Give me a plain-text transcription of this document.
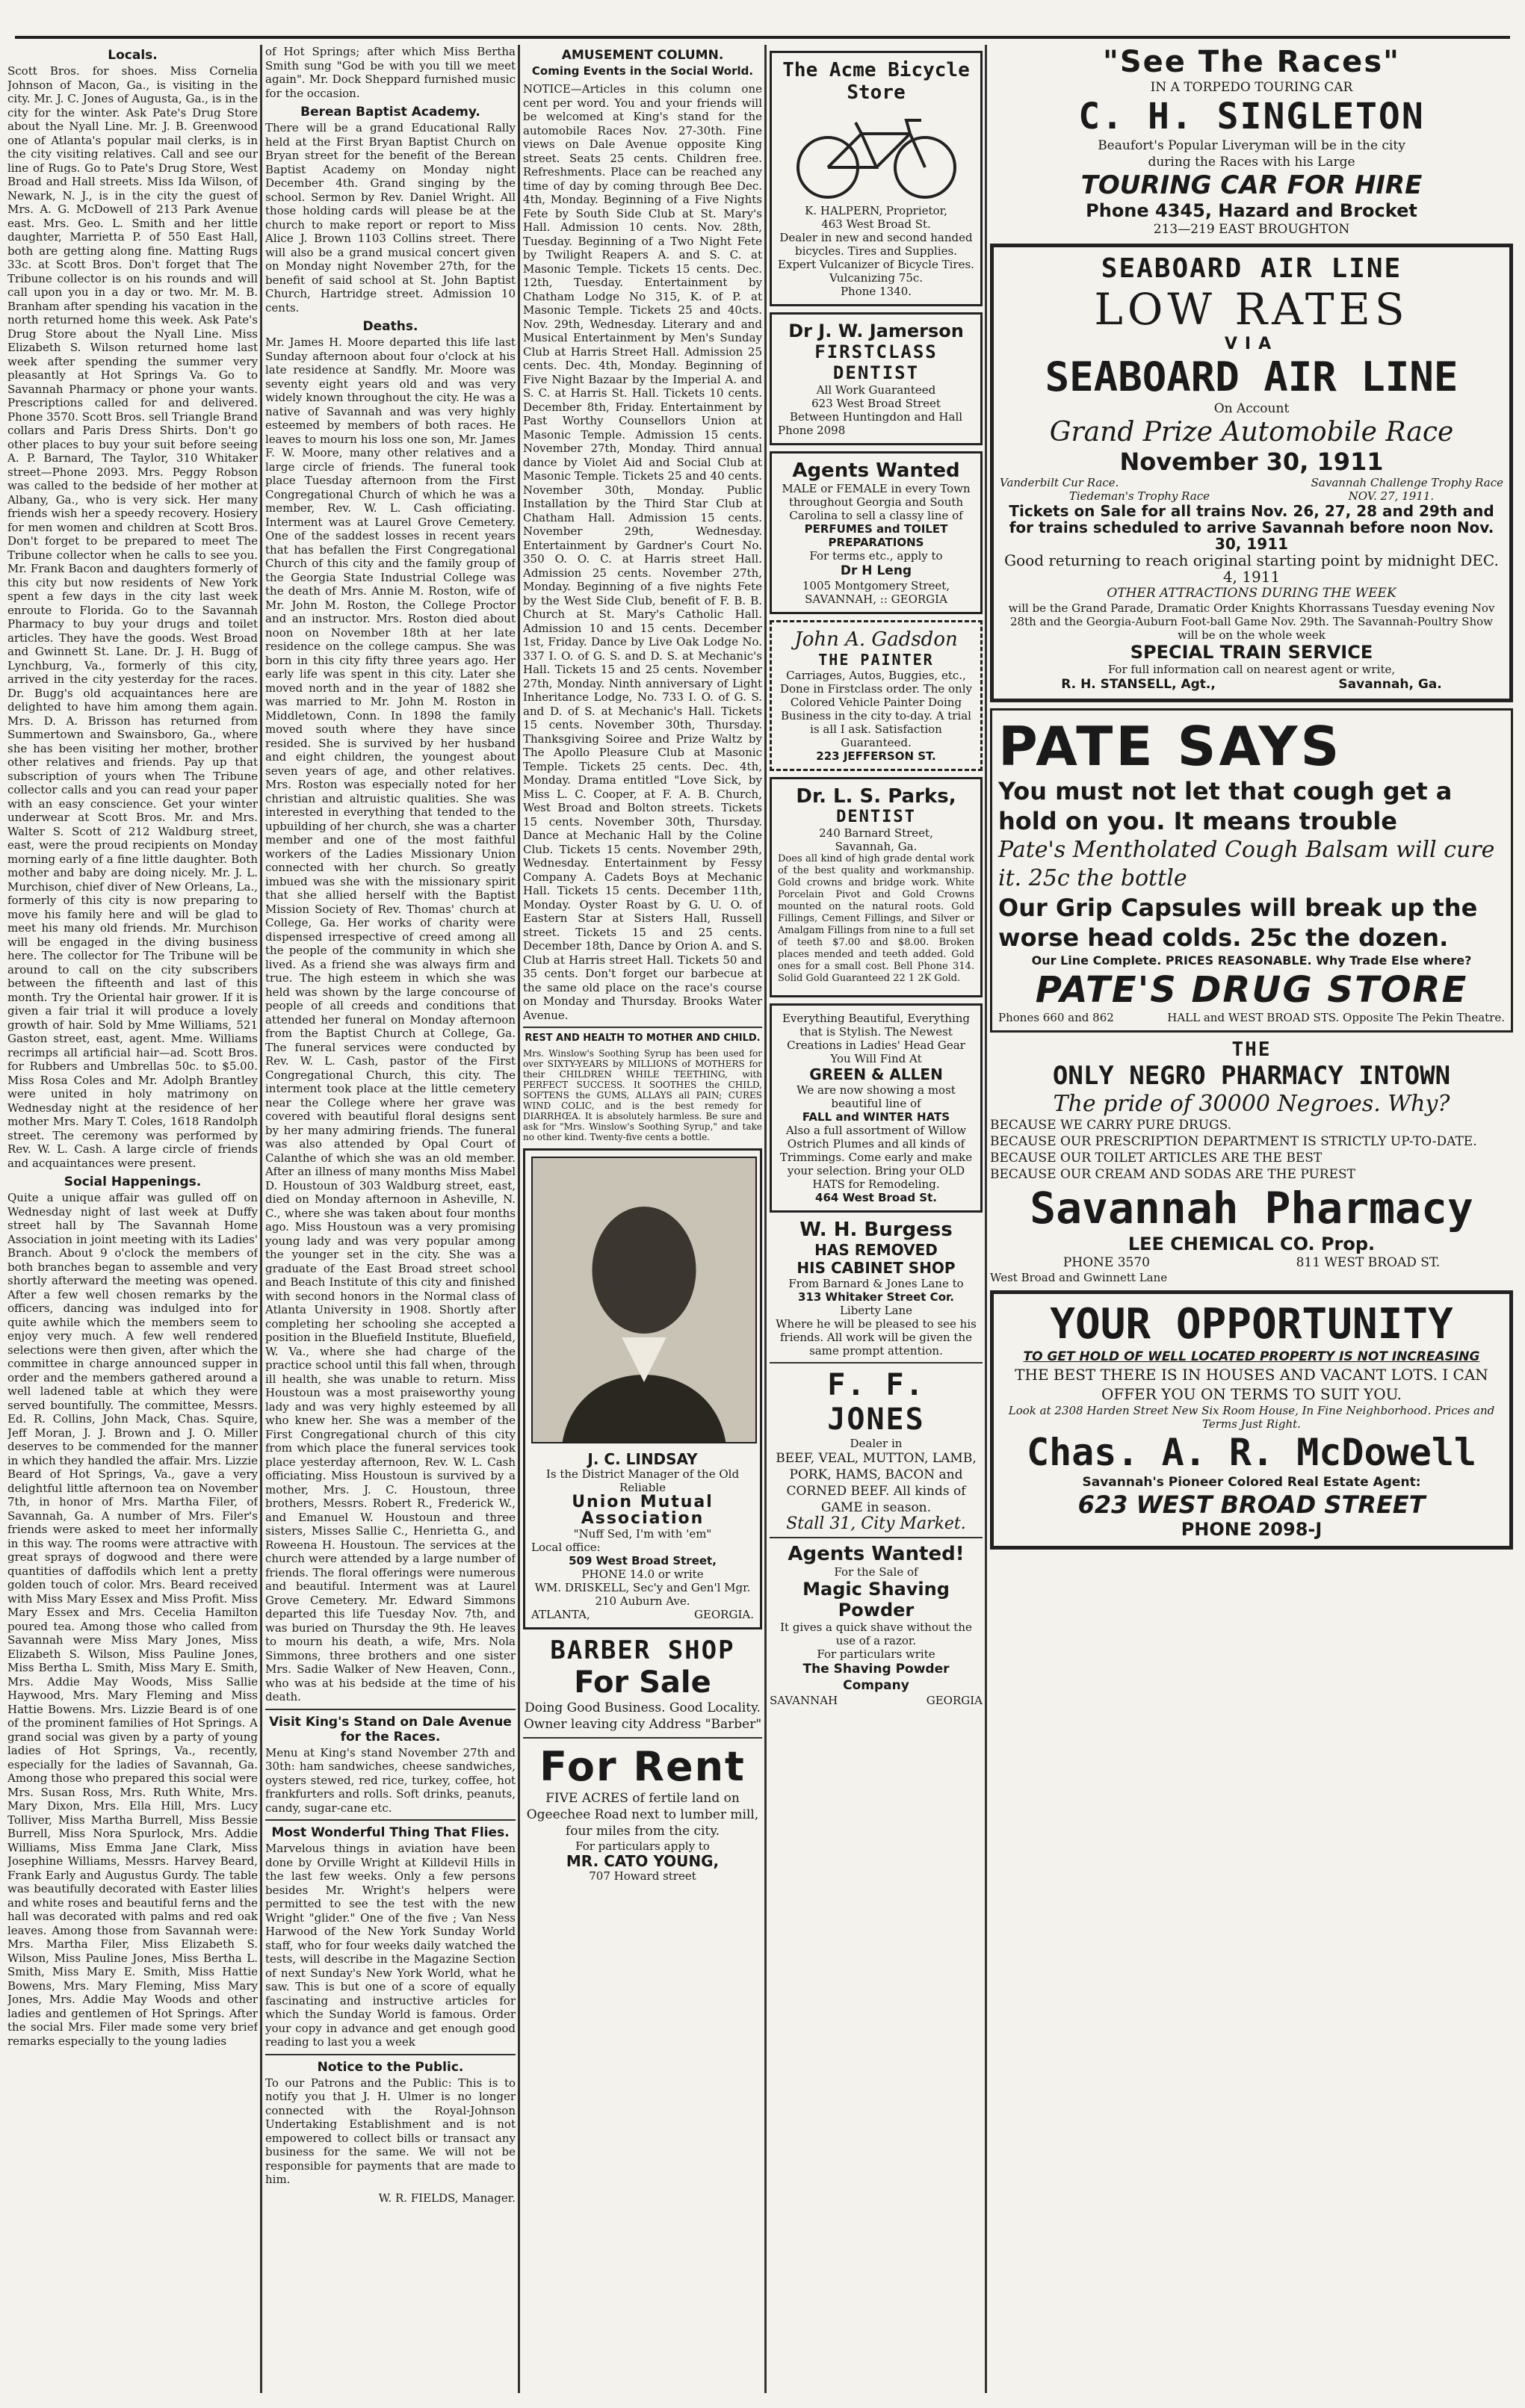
Locals.

Scott Bros. for shoes. Miss Cornelia Johnson of Macon, Ga., is visiting in the city. Mr. J. C. Jones of Augusta, Ga., is in the city for the winter. Ask Pate's Drug Store about the Nyall Line. Mr. J. B. Greenwood one of Atlanta's popular mail clerks, is in the city visiting relatives. Call and see our line of Rugs. Go to Pate's Drug Store, West Broad and Hall streets. Miss Ida Wilson, of Newark, N. J., is in the city the guest of Mrs. A. G. McDowell of 213 Park Avenue east. Mrs. Geo. L. Smith and her little daughter, Marrietta P. of 550 East Hall, both are getting along fine. Matting Rugs 33c. at Scott Bros. Don't forget that The Tribune collector is on his rounds and will call upon you in a day or two. Mr. M. B. Branham after spending his vacation in the north returned home this week. Ask Pate's Drug Store about the Nyall Line. Miss Elizabeth S. Wilson returned home last week after spending the summer very pleasantly at Hot Springs Va. Go to Savannah Pharmacy or phone your wants. Prescriptions called for and delivered. Phone 3570. Scott Bros. sell Triangle Brand collars and Paris Dress Shirts. Don't go other places to buy your suit before seeing A. P. Barnard, The Taylor, 310 Whitaker street—Phone 2093. Mrs. Peggy Robson was called to the bedside of her mother at Albany, Ga., who is very sick. Her many friends wish her a speedy recovery. Hosiery for men women and children at Scott Bros. Don't forget to be prepared to meet The Tribune collector when he calls to see you. Mr. Frank Bacon and daughters formerly of this city but now residents of New York spent a few days in the city last week enroute to Florida. Go to the Savannah Pharmacy to buy your drugs and toilet articles. They have the goods. West Broad and Gwinnett St. Lane. Dr. J. H. Bugg of Lynchburg, Va., formerly of this city, arrived in the city yesterday for the races. Dr. Bugg's old acquaintances here are delighted to have him among them again. Mrs. D. A. Brisson has returned from Summertown and Swainsboro, Ga., where she has been visiting her mother, brother other relatives and friends. Pay up that subscription of yours when The Tribune collector calls and you can read your paper with an easy conscience. Get your winter underwear at Scott Bros. Mr. and Mrs. Walter S. Scott of 212 Waldburg street, east, were the proud recipients on Monday morning early of a fine little daughter. Both mother and baby are doing nicely. Mr. J. L. Murchison, chief diver of New Orleans, La., formerly of this city is now preparing to move his family here and will be glad to meet his many old friends. Mr. Murchison will be engaged in the diving business here. The collector for The Tribune will be around to call on the city subscribers between the fifteenth and last of this month. Try the Oriental hair grower. If it is given a fair trial it will produce a lovely growth of hair. Sold by Mme Williams, 521 Gaston street, east, agent. Mme. Williams recrimps all artificial hair—ad. Scott Bros. for Rubbers and Umbrellas 50c. to $5.00. Miss Rosa Coles and Mr. Adolph Brantley were united in holy matrimony on Wednesday night at the residence of her mother Mrs. Mary T. Coles, 1618 Randolph street. The ceremony was performed by Rev. W. L. Cash. A large circle of friends and acquaintances were present.

Social Happenings.

Quite a unique affair was gulled off on Wednesday night of last week at Duffy street hall by The Savannah Home Association in joint meeting with its Ladies' Branch. About 9 o'clock the members of both branches began to assemble and very shortly afterward the meeting was opened. After a few well chosen remarks by the officers, dancing was indulged into for quite awhile which the members seem to enjoy very much. A few well rendered selections were then given, after which the committee in charge announced supper in order and the members gathered around a well ladened table at which they were served bountifully. The committee, Messrs. Ed. R. Collins, John Mack, Chas. Squire, Jeff Moran, J. J. Brown and J. O. Miller deserves to be commended for the manner in which they handled the affair. Mrs. Lizzie Beard of Hot Springs, Va., gave a very delightful little afternoon tea on November 7th, in honor of Mrs. Martha Filer, of Savannah, Ga. A number of Mrs. Filer's friends were asked to meet her informally in this way. The rooms were attractive with great sprays of dogwood and there were quantities of daffodils which lent a pretty golden touch of color. Mrs. Beard received with Miss Mary Essex and Miss Profit. Miss Mary Essex and Mrs. Cecelia Hamilton poured tea. Among those who called from Savannah were Miss Mary Jones, Miss Elizabeth S. Wilson, Miss Pauline Jones, Miss Bertha L. Smith, Miss Mary E. Smith, Mrs. Addie May Woods, Miss Sallie Haywood, Mrs. Mary Fleming and Miss Hattie Bowens. Mrs. Lizzie Beard is of one of the prominent families of Hot Springs. A grand social was given by a party of young ladies of Hot Springs, Va., recently, especially for the ladies of Savannah, Ga. Among those who prepared this social were Mrs. Susan Ross, Mrs. Ruth White, Mrs. Mary Dixon, Mrs. Ella Hill, Mrs. Lucy Tolliver, Miss Martha Burrell, Miss Bessie Burrell, Miss Nora Spurlock, Mrs. Addie Williams, Miss Emma Jane Clark, Miss Josephine Williams, Messrs. Harvey Beard, Frank Early and Augustus Gurdy. The table was beautifully decorated with Easter lilies and white roses and beautiful ferns and the hall was decorated with palms and red oak leaves. Among those from Savannah were: Mrs. Martha Filer, Miss Elizabeth S. Wilson, Miss Pauline Jones, Miss Bertha L. Smith, Miss Mary E. Smith, Miss Hattie Bowens, Mrs. Mary Fleming, Miss Mary Jones, Mrs. Addie May Woods and other ladies and gentlemen of Hot Springs. After the social Mrs. Filer made some very brief remarks especially to the young ladies

of Hot Springs; after which Miss Bertha Smith sung "God be with you till we meet again". Mr. Dock Sheppard furnished music for the occasion.

Berean Baptist Academy.

There will be a grand Educational Rally held at the First Bryan Baptist Church on Bryan street for the benefit of the Berean Baptist Academy on Monday night December 4th. Grand singing by the school. Sermon by Rev. Daniel Wright. All those holding cards will please be at the church to make report or report to Miss Alice J. Brown 1103 Collins street. There will also be a grand musical concert given on Monday night November 27th, for the benefit of said school at St. John Baptist Church, Hartridge street. Admission 10 cents.

Deaths.

Mr. James H. Moore departed this life last Sunday afternoon about four o'clock at his late residence at Sandfly. Mr. Moore was seventy eight years old and was very widely known throughout the city. He was a native of Savannah and was very highly esteemed by members of both races. He leaves to mourn his loss one son, Mr. James F. W. Moore, many other relatives and a large circle of friends. The funeral took place Tuesday afternoon from the First Congregational Church of which he was a member, Rev. W. L. Cash officiating. Interment was at Laurel Grove Cemetery. One of the saddest losses in recent years that has befallen the First Congregational Church of this city and the family group of the Georgia State Industrial College was the death of Mrs. Annie M. Roston, wife of Mr. John M. Roston, the College Proctor and an instructor. Mrs. Roston died about noon on November 18th at her late residence on the college campus. She was born in this city fifty three years ago. Her early life was spent in this city. Later she moved north and in the year of 1882 she was married to Mr. John M. Roston in Middletown, Conn. In 1898 the family moved south where they have since resided. She is survived by her husband and eight children, the youngest about seven years of age, and other relatives. Mrs. Roston was especially noted for her christian and altruistic qualities. She was interested in everything that tended to the upbuilding of her church, she was a charter member and one of the most faithful workers of the Ladies Missionary Union connected with her church. So greatly imbued was she with the missionary spirit that she allied herself with the Baptist Mission Society of Rev. Thomas' church at College, Ga. Her works of charity were dispensed irrespective of creed among all the people of the community in which she lived. As a friend she was always firm and true. The high esteem in which she was held was shown by the large concourse of people of all creeds and conditions that attended her funeral on Monday afternoon from the Baptist Church at College, Ga. The funeral services were conducted by Rev. W. L. Cash, pastor of the First Congregational Church, this city. The interment took place at the little cemetery near the College where her grave was covered with beautiful floral designs sent by her many admiring friends. The funeral was also attended by Opal Court of Calanthe of which she was an old member. After an illness of many months Miss Mabel D. Houstoun of 303 Waldburg street, east, died on Monday afternoon in Asheville, N. C., where she was taken about four months ago. Miss Houstoun was a very promising young lady and was very popular among the younger set in the city. She was a graduate of the East Broad street school and Beach Institute of this city and finished with second honors in the Normal class of Atlanta University in 1908. Shortly after completing her schooling she accepted a position in the Bluefield Institute, Bluefield, W. Va., where she had charge of the practice school until this fall when, through ill health, she was unable to return. Miss Houstoun was a most praiseworthy young lady and was very highly esteemed by all who knew her. She was a member of the First Congregational church of this city from which place the funeral services took place yesterday afternoon, Rev. W. L. Cash officiating. Miss Houstoun is survived by a mother, Mrs. J. C. Houstoun, three brothers, Messrs. Robert R., Frederick W., and Emanuel W. Houstoun and three sisters, Misses Sallie C., Henrietta G., and Roweena H. Houstoun. The services at the church were attended by a large number of friends. The floral offerings were numerous and beautiful. Interment was at Laurel Grove Cemetery. Mr. Edward Simmons departed this life Tuesday Nov. 7th, and was buried on Thursday the 9th. He leaves to mourn his death, a wife, Mrs. Nola Simmons, three brothers and one sister Mrs. Sadie Walker of New Heaven, Conn., who was at his bedside at the time of his death.

Visit King's Stand on Dale Avenue for the Races.

Menu at King's stand November 27th and 30th: ham sandwiches, cheese sandwiches, oysters stewed, red rice, turkey, coffee, hot frankfurters and rolls. Soft drinks, peanuts, candy, sugar-cane etc.

Most Wonderful Thing That Flies.

Marvelous things in aviation have been done by Orville Wright at Killdevil Hills in the last few weeks. Only a few persons besides Mr. Wright's helpers were permitted to see the test with the new Wright "glider." One of the five ; Van Ness Harwood of the New York Sunday World staff, who for four weeks daily watched the tests, will describe in the Magazine Section of next Sunday's New York World, what he saw. This is but one of a score of equally fascinating and instructive articles for which the Sunday World is famous. Order your copy in advance and get enough good reading to last you a week

Notice to the Public.

To our Patrons and the Public: This is to notify you that J. H. Ulmer is no longer connected with the Royal-Johnson Undertaking Establishment and is not empowered to collect bills or transact any business for the same. We will not be responsible for payments that are made to him.

W. R. FIELDS, Manager.

AMUSEMENT COLUMN.
Coming Events in the Social World.

NOTICE—Articles in this column one cent per word. You and your friends will be welcomed at King's stand for the automobile Races Nov. 27-30th. Fine views on Dale Avenue opposite King street. Seats 25 cents. Children free. Refreshments. Place can be reached any time of day by coming through Bee Dec. 4th, Monday. Beginning of a Five Nights Fete by South Side Club at St. Mary's Hall. Admission 10 cents. Nov. 28th, Tuesday. Beginning of a Two Night Fete by Twilight Reapers A. and S. C. at Masonic Temple. Tickets 15 cents. Dec. 12th, Tuesday. Entertainment by Chatham Lodge No 315, K. of P. at Masonic Temple. Tickets 25 and 40cts. Nov. 29th, Wednesday. Literary and and Musical Entertainment by Men's Sunday Club at Harris Street Hall. Admission 25 cents. Dec. 4th, Monday. Beginning of Five Night Bazaar by the Imperial A. and S. C. at Harris St. Hall. Tickets 10 cents. December 8th, Friday. Entertainment by Past Worthy Counsellors Union at Masonic Temple. Admission 15 cents. November 27th, Monday. Third annual dance by Violet Aid and Social Club at Masonic Temple. Tickets 25 and 40 cents. November 30th, Monday. Public Installation by the Third Star Club at Chatham Hall. Admission 15 cents. November 29th, Wednesday. Entertainment by Gardner's Court No. 350 O. O. C. at Harris street Hall. Admission 25 cents. November 27th, Monday. Beginning of a five nights Fete by the West Side Club, benefit of F. B. B. Church at St. Mary's Catholic Hall. Admission 10 and 15 cents. December 1st, Friday. Dance by Live Oak Lodge No. 337 I. O. of G. S. and D. S. at Mechanic's Hall. Tickets 15 and 25 cents. November 27th, Monday. Ninth anniversary of Light Inheritance Lodge, No. 733 I. O. of G. S. and D. of S. at Mechanic's Hall. Tickets 15 cents. November 30th, Thursday. Thanksgiving Soiree and Prize Waltz by The Apollo Pleasure Club at Masonic Temple. Tickets 25 cents. Dec. 4th, Monday. Drama entitled "Love Sick, by Miss L. C. Cooper, at F. A. B. Church, West Broad and Bolton streets. Tickets 15 cents. November 30th, Thursday. Dance at Mechanic Hall by the Coline Club. Tickets 15 cents. November 29th, Wednesday. Entertainment by Fessy Company A. Cadets Boys at Mechanic Hall. Tickets 15 cents. December 11th, Monday. Oyster Roast by G. U. O. of Eastern Star at Sisters Hall, Russell street. Tickets 15 and 25 cents. December 18th, Dance by Orion A. and S. Club at Harris street Hall. Tickets 50 and 35 cents. Don't forget our barbecue at the same old place on the race's course on Monday and Thursday. Brooks Water Avenue.

REST AND HEALTH TO MOTHER AND CHILD.

Mrs. Winslow's Soothing Syrup has been used for over SIXTY-YEARS by MILLIONS of MOTHERS for their CHILDREN WHILE TEETHING, with PERFECT SUCCESS. It SOOTHES the CHILD, SOFTENS the GUMS, ALLAYS all PAIN; CURES WIND COLIC, and is the best remedy for DIARRHŒA. It is absolutely harmless. Be sure and ask for "Mrs. Winslow's Soothing Syrup," and take no other kind. Twenty-five cents a bottle.

J. C. LINDSAY
Is the District Manager of the Old Reliable
Union Mutual Association
"Nuff Sed, I'm with 'em"
Local office:
509 West Broad Street,
PHONE 14.0 or write
WM. DRISKELL, Sec'y and Gen'l Mgr.
210 Auburn Ave.
ATLANTA,	GEORGIA.
BARBER SHOP
For Sale
Doing Good Business. Good Locality. Owner leaving city Address "Barber"
For Rent
FIVE ACRES of fertile land on Ogeechee Road next to lumber mill, four miles from the city.
For particulars apply to
MR. CATO YOUNG,
707 Howard street
The Acme Bicycle Store
K. HALPERN, Proprietor,
463 West Broad St.
Dealer in new and second handed bicycles. Tires and Supplies. Expert Vulcanizer of Bicycle Tires. Vulcanizing 75c.
Phone 1340.
Dr J. W. Jamerson
FIRSTCLASS DENTIST
All Work Guaranteed
623 West Broad Street
Between Huntingdon and Hall
Phone 2098
Agents Wanted
MALE or FEMALE in every Town throughout Georgia and South Carolina to sell a classy line of
PERFUMES and TOILET PREPARATIONS
For terms etc., apply to
Dr H Leng
1005 Montgomery Street,
SAVANNAH, :: GEORGIA
John A. Gadsdon
THE PAINTER
Carriages, Autos, Buggies, etc., Done in Firstclass order. The only Colored Vehicle Painter Doing Business in the city to-day. A trial is all I ask. Satisfaction Guaranteed.
223 JEFFERSON ST.
Dr. L. S. Parks,
DENTIST
240 Barnard Street,
Savannah, Ga.

Does all kind of high grade dental work of the best quality and workmanship. Gold crowns and bridge work. White Porcelain Pivot and Gold Crowns mounted on the natural roots. Gold Fillings, Cement Fillings, and Silver or Amalgam Fillings from nine to a full set of teeth $7.00 and $8.00. Broken places mended and teeth added. Gold ones for a small cost. Bell Phone 314. Solid Gold Guaranteed 22 1 2K Gold.

Everything Beautiful, Everything that is Stylish. The Newest Creations in Ladies' Head Gear You Will Find At
GREEN & ALLEN
We are now showing a most beautiful line of
FALL and WINTER HATS
Also a full assortment of Willow Ostrich Plumes and all kinds of Trimmings. Come early and make your selection. Bring your OLD HATS for Remodeling.
464 West Broad St.
W. H. Burgess
HAS REMOVED
HIS CABINET SHOP
From Barnard & Jones Lane to
313 Whitaker Street Cor.
Liberty Lane
Where he will be pleased to see his friends. All work will be given the same prompt attention.
F. F. JONES
Dealer in
BEEF, VEAL, MUTTON, LAMB, PORK, HAMS, BACON and CORNED BEEF. All kinds of GAME in season.
Stall 31, City Market.
Agents Wanted!
For the Sale of
Magic Shaving Powder
It gives a quick shave without the use of a razor.
For particulars write
The Shaving Powder Company
SAVANNAH	GEORGIA
"See The Races"
IN A TORPEDO TOURING CAR
C. H. SINGLETON
Beaufort's Popular Liveryman will be in the city
during the Races with his Large
TOURING CAR FOR HIRE
Phone 4345, Hazard and Brocket
213—219 EAST BROUGHTON
SEABOARD AIR LINE
LOW RATES
VIA
SEABOARD AIR LINE
On Account
Grand Prize Automobile Race
November 30, 1911
Vanderbilt Cur Race.	Savannah Challenge Trophy Race
Tiedeman's Trophy Race	NOV. 27, 1911.
Tickets on Sale for all trains Nov. 26, 27, 28 and 29th and for trains scheduled to arrive Savannah before noon Nov. 30, 1911
Good returning to reach original starting point by midnight DEC. 4, 1911
OTHER ATTRACTIONS DURING THE WEEK
will be the Grand Parade, Dramatic Order Knights Khorrassans Tuesday evening Nov 28th and the Georgia-Auburn Foot-ball Game Nov. 29th. The Savannah-Poultry Show will be on the whole week
SPECIAL TRAIN SERVICE
For full information call on nearest agent or write,
R. H. STANSELL, Agt.,	Savannah, Ga.
PATE SAYS
You must not let that cough get a hold on you. It means trouble
Pate's Mentholated Cough Balsam will cure it. 25c the bottle
Our Grip Capsules will break up the worse head colds. 25c the dozen.
Our Line Complete. PRICES REASONABLE. Why Trade Else where?
PATE'S DRUG STORE
Phones 660 and 862	HALL and WEST BROAD STS. Opposite The Pekin Theatre.
THE
ONLY NEGRO PHARMACY INTOWN
The pride of 30000 Negroes. Why?
BECAUSE WE CARRY PURE DRUGS.
BECAUSE OUR PRESCRIPTION DEPARTMENT IS STRICTLY UP-TO-DATE.
BECAUSE OUR TOILET ARTICLES ARE THE BEST
BECAUSE OUR CREAM AND SODAS ARE THE PUREST
Savannah Pharmacy
LEE CHEMICAL CO. Prop.
PHONE 3570	811 WEST BROAD ST.
West Broad and Gwinnett Lane
YOUR OPPORTUNITY
TO GET HOLD OF WELL LOCATED PROPERTY IS NOT INCREASING
THE BEST THERE IS IN HOUSES AND VACANT LOTS. I CAN OFFER YOU ON TERMS TO SUIT YOU.
Look at 2308 Harden Street New Six Room House, In Fine Neighborhood. Prices and Terms Just Right.
Chas. A. R. McDowell
Savannah's Pioneer Colored Real Estate Agent:
623 WEST BROAD STREET
PHONE 2098-J
